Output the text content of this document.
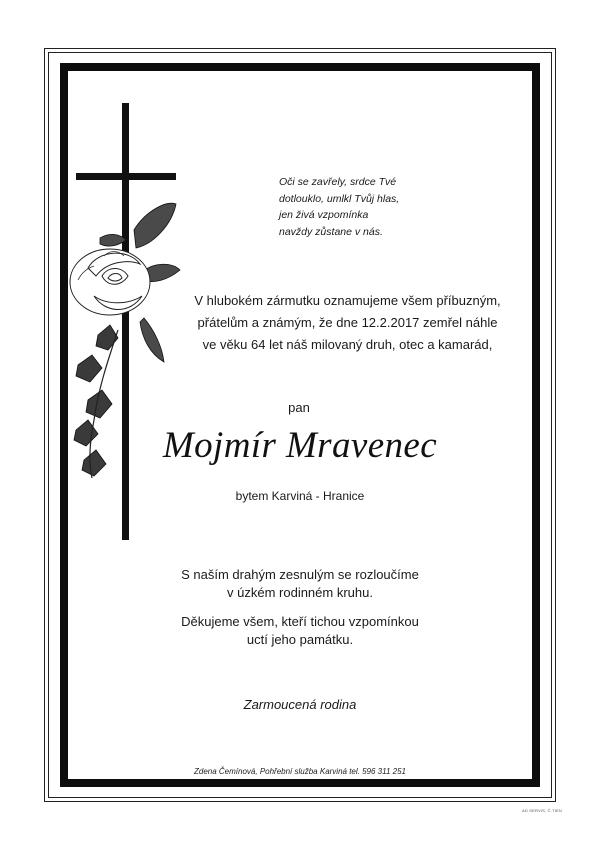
Oči se zavřely, srdce Tvé
dotlouklo, umlkl Tvůj hlas,
jen živá vzpomínka
navždy zůstane v nás.
V hlubokém zármutku oznamujeme všem příbuzným,
přátelům a známým, že dne 12.2.2017 zemřel náhle
ve věku 64 let náš milovaný druh, otec a kamarád,
pan
Mojmír Mravenec
bytem Karviná - Hranice
S naším drahým zesnulým se rozloučíme
v úzkém rodinném kruhu.
Děkujeme všem, kteří tichou vzpomínkou
uctí jeho památku.
Zarmoucená rodina
Zdena Čemínová, Pohřební služba Karviná tel. 596 311 251
AD SERVIS, Č.TIEN
